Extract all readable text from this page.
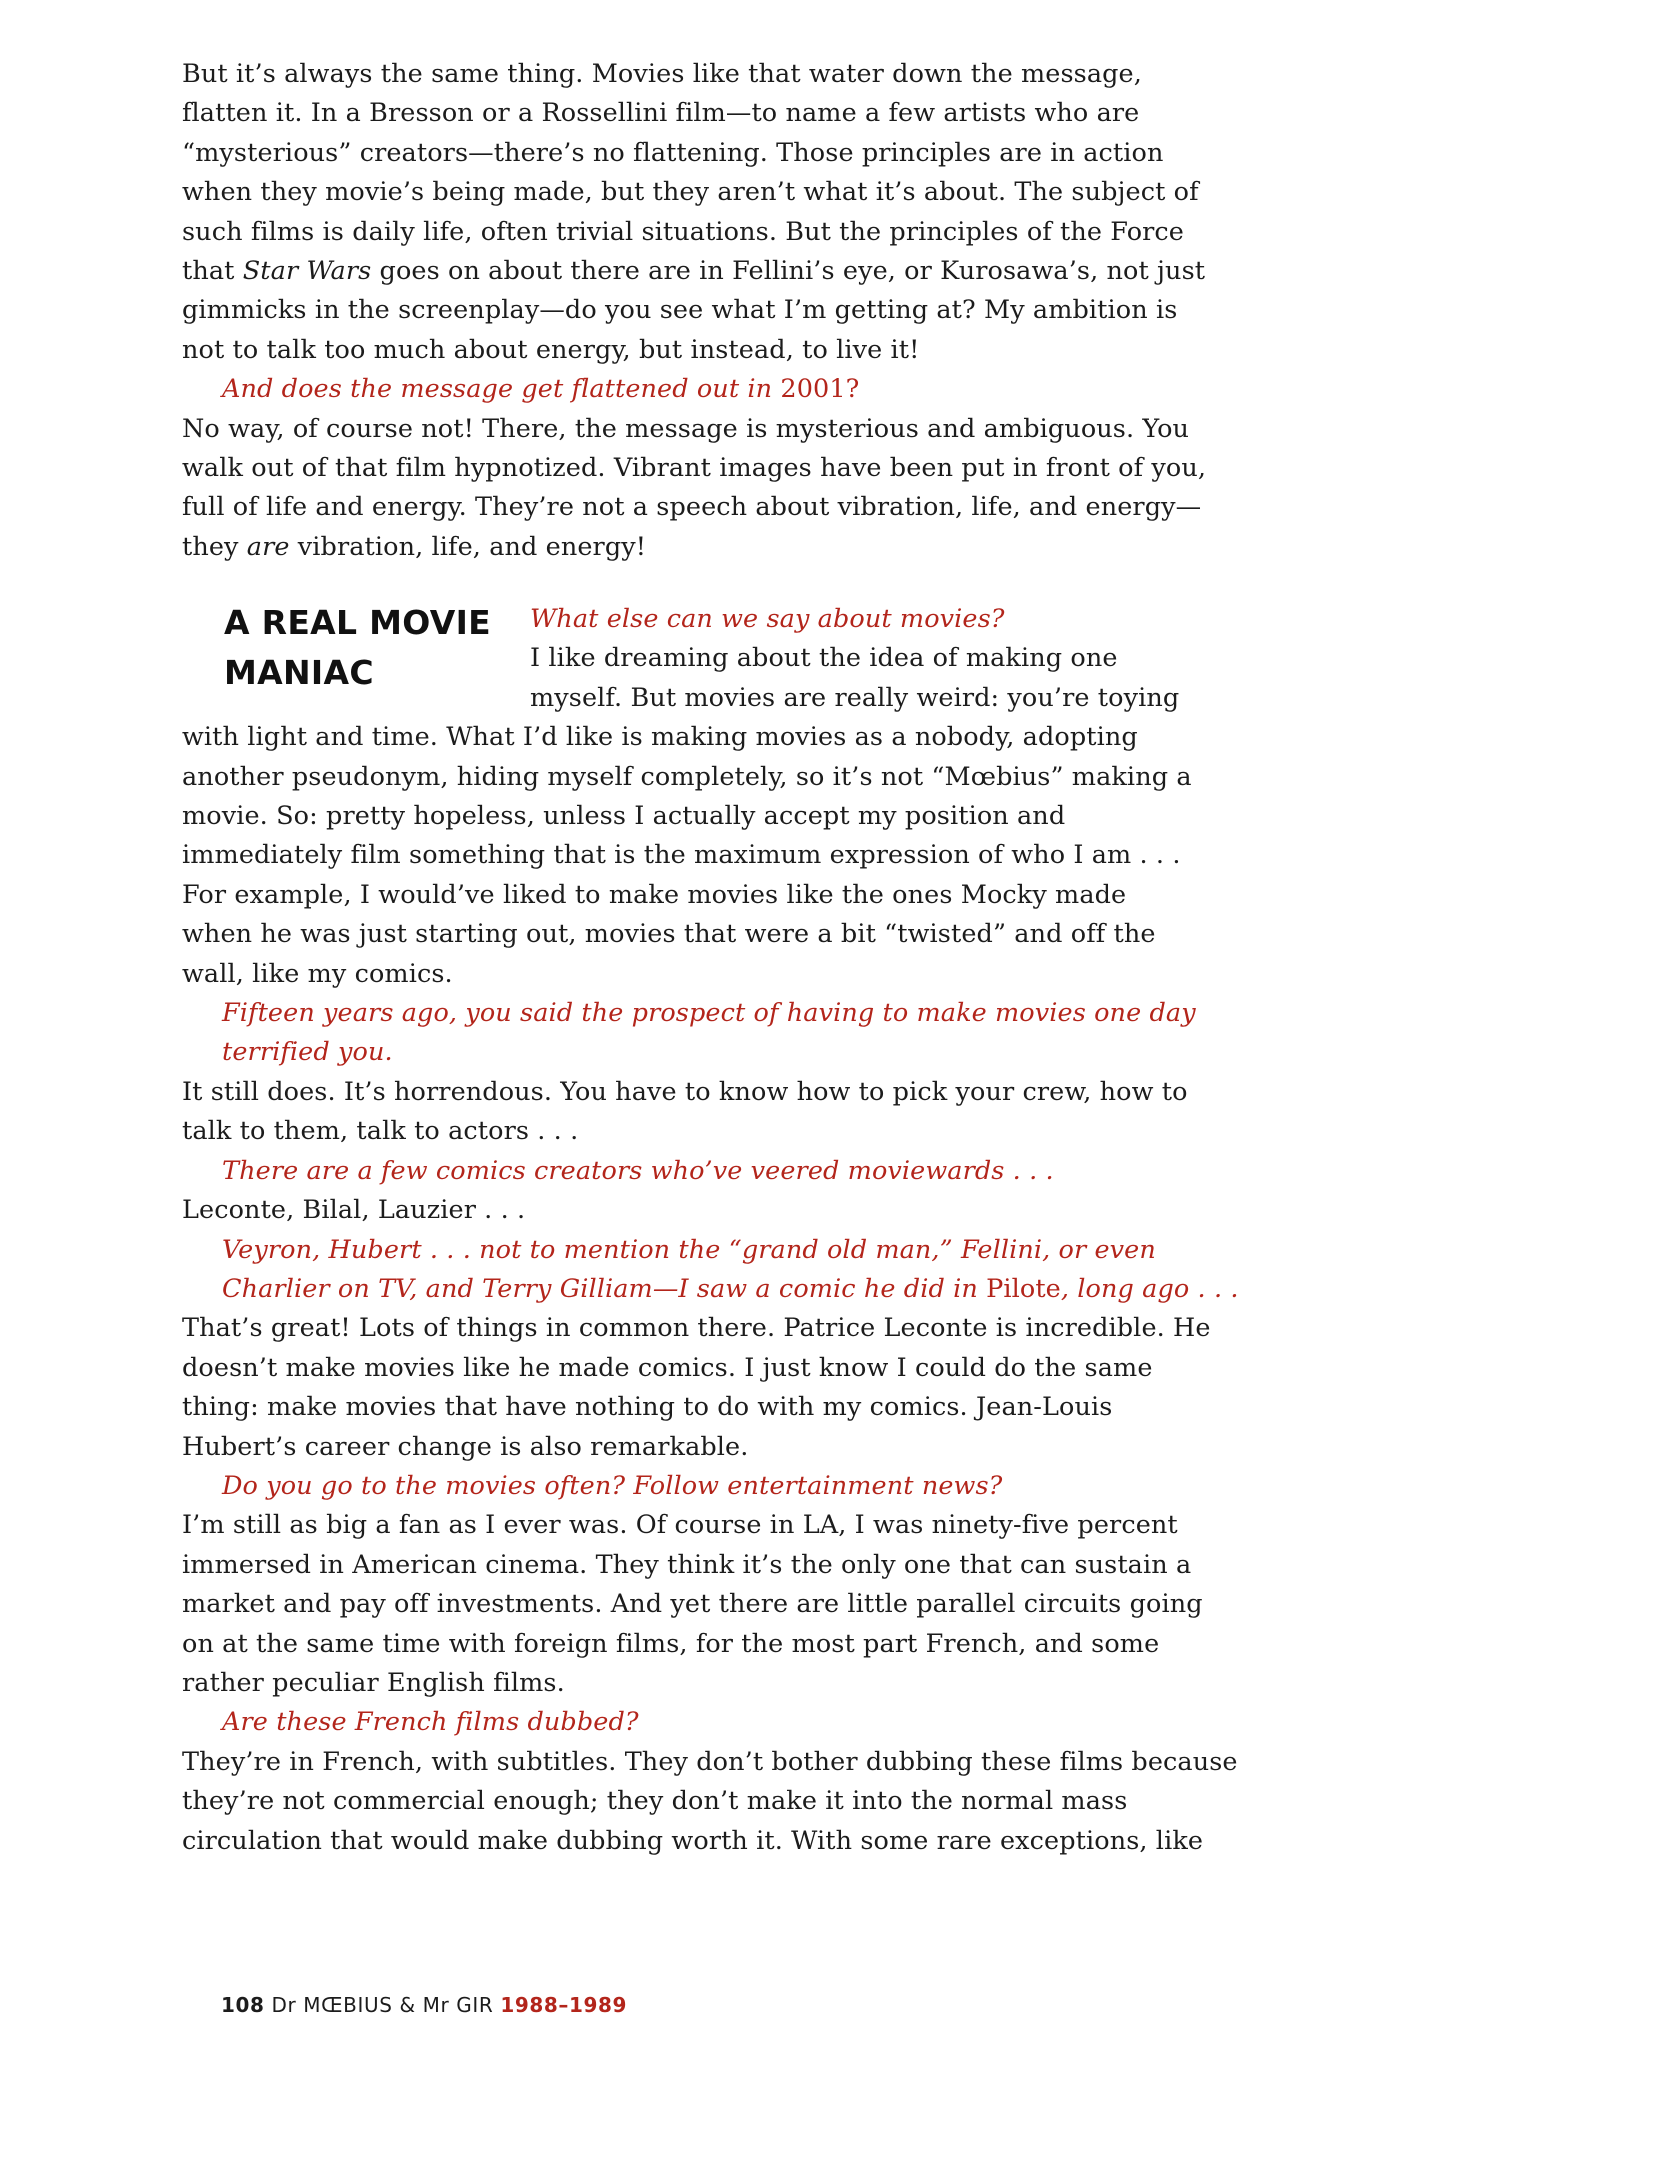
But it’s always the same thing. Movies like that water down the message,
flatten it. In a Bresson or a Rossellini film—to name a few artists who are
“mysterious” creators—there’s no flattening. Those principles are in action
when they movie’s being made, but they aren’t what it’s about. The subject of
such films is daily life, often trivial situations. But the principles of the Force
that Star Wars goes on about there are in Fellini’s eye, or Kurosawa’s, not just
gimmicks in the screenplay—do you see what I’m getting at? My ambition is
not to talk too much about energy, but instead, to live it!
And does the message get flattened out in 2001?
No way, of course not! There, the message is mysterious and ambiguous. You
walk out of that film hypnotized. Vibrant images have been put in front of you,
full of life and energy. They’re not a speech about vibration, life, and energy—
they are vibration, life, and energy!
A REAL MOVIE
MANIAC
What else can we say about movies?
I like dreaming about the idea of making one
myself. But movies are really weird: you’re toying
with light and time. What I’d like is making movies as a nobody, adopting
another pseudonym, hiding myself completely, so it’s not “Mœbius” making a
movie. So: pretty hopeless, unless I actually accept my position and
immediately film something that is the maximum expression of who I am . . .
For example, I would’ve liked to make movies like the ones Mocky made
when he was just starting out, movies that were a bit “twisted” and off the
wall, like my comics.
Fifteen years ago, you said the prospect of having to make movies one day
terrified you.
It still does. It’s horrendous. You have to know how to pick your crew, how to
talk to them, talk to actors . . .
There are a few comics creators who’ve veered moviewards . . .
Leconte, Bilal, Lauzier . . .
Veyron, Hubert . . . not to mention the “grand old man,” Fellini, or even
Charlier on TV, and Terry Gilliam—I saw a comic he did in Pilote, long ago . . .
That’s great! Lots of things in common there. Patrice Leconte is incredible. He
doesn’t make movies like he made comics. I just know I could do the same
thing: make movies that have nothing to do with my comics. Jean-Louis
Hubert’s career change is also remarkable.
Do you go to the movies often? Follow entertainment news?
I’m still as big a fan as I ever was. Of course in LA, I was ninety-five percent
immersed in American cinema. They think it’s the only one that can sustain a
market and pay off investments. And yet there are little parallel circuits going
on at the same time with foreign films, for the most part French, and some
rather peculiar English films.
Are these French films dubbed?
They’re in French, with subtitles. They don’t bother dubbing these films because
they’re not commercial enough; they don’t make it into the normal mass
circulation that would make dubbing worth it. With some rare exceptions, like
108 Dr MŒBIUS & Mr GIR 1988–1989
